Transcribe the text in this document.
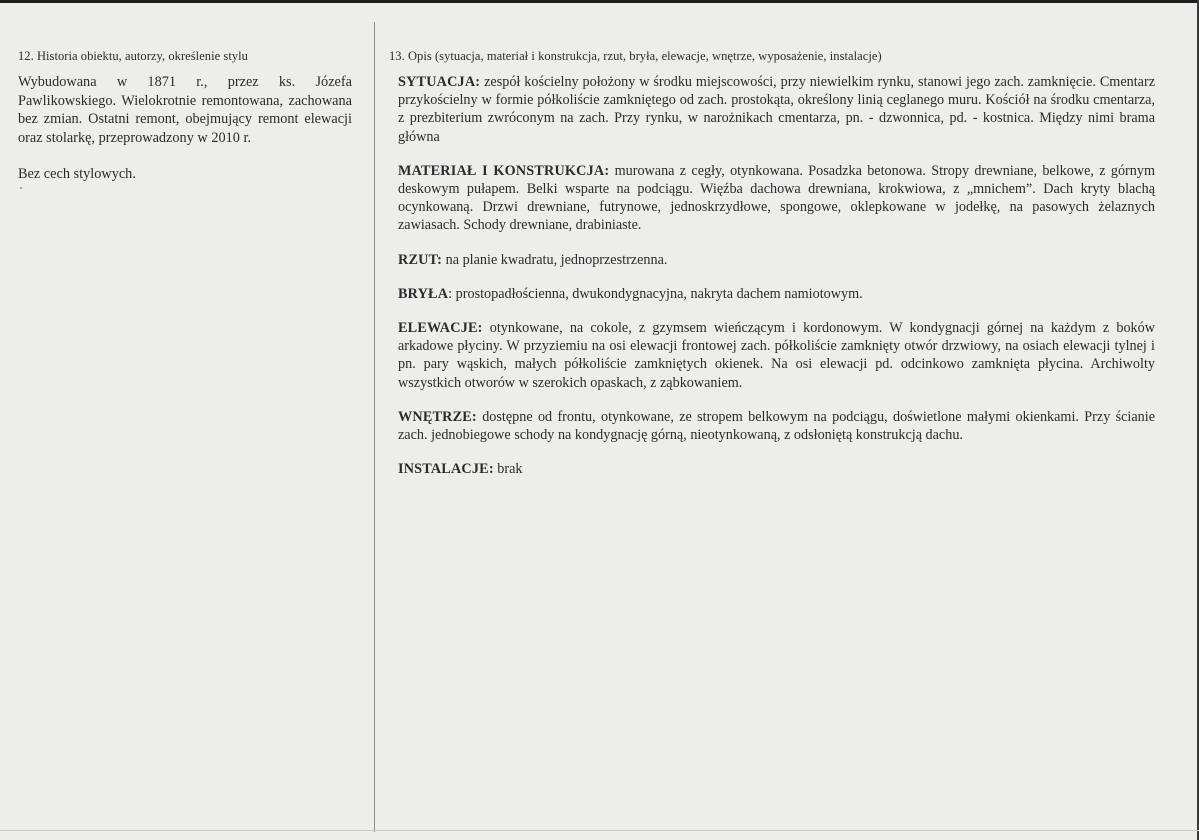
12. Historia obiektu, autorzy, określenie stylu

Wybudowana w 1871 r., przez ks. Józefa Pawlikowskiego. Wielokrotnie remontowana, zachowana bez zmian. Ostatni remont, obejmujący remont elewacji oraz stolarkę, przeprowadzony w 2010 r.

Bez cech stylowych.

13. Opis (sytuacja, materiał i konstrukcja, rzut, bryła, elewacje, wnętrze, wyposażenie, instalacje)

SYTUACJA: zespół kościelny położony w środku miejscowości, przy niewielkim rynku, stanowi jego zach. zamknięcie. Cmentarz przykościelny w formie półkoliście zamkniętego od zach. prostokąta, określony linią ceglanego muru. Kościół na środku cmentarza, z prezbiterium zwróconym na zach. Przy rynku, w narożnikach cmentarza, pn. - dzwonnica, pd. - kostnica. Między nimi brama główna

MATERIAŁ I KONSTRUKCJA: murowana z cegły, otynkowana. Posadzka betonowa. Stropy drewniane, belkowe, z górnym deskowym pułapem. Belki wsparte na podciągu. Więźba dachowa drewniana, krokwiowa, z „mnichem”. Dach kryty blachą ocynkowaną. Drzwi drewniane, futrynowe, jednoskrzydłowe, spongowe, oklepkowane w jodełkę, na pasowych żelaznych zawiasach. Schody drewniane, drabiniaste.

RZUT: na planie kwadratu, jednoprzestrzenna.

BRYŁA: prostopadłościenna, dwukondygnacyjna, nakryta dachem namiotowym.

ELEWACJE: otynkowane, na cokole, z gzymsem wieńczącym i kordonowym. W kondygnacji górnej na każdym z boków arkadowe płyciny. W przyziemiu na osi elewacji frontowej zach. półkoliście zamknięty otwór drzwiowy, na osiach elewacji tylnej i pn. pary wąskich, małych półkoliście zamkniętych okienek. Na osi elewacji pd. odcinkowo zamknięta płycina. Archiwolty wszystkich otworów w szerokich opaskach, z ząbkowaniem.

WNĘTRZE: dostępne od frontu, otynkowane, ze stropem belkowym na podciągu, doświetlone małymi okienkami. Przy ścianie zach. jednobiegowe schody na kondygnację górną, nieotynkowaną, z odsłoniętą konstrukcją dachu.

INSTALACJE: brak
